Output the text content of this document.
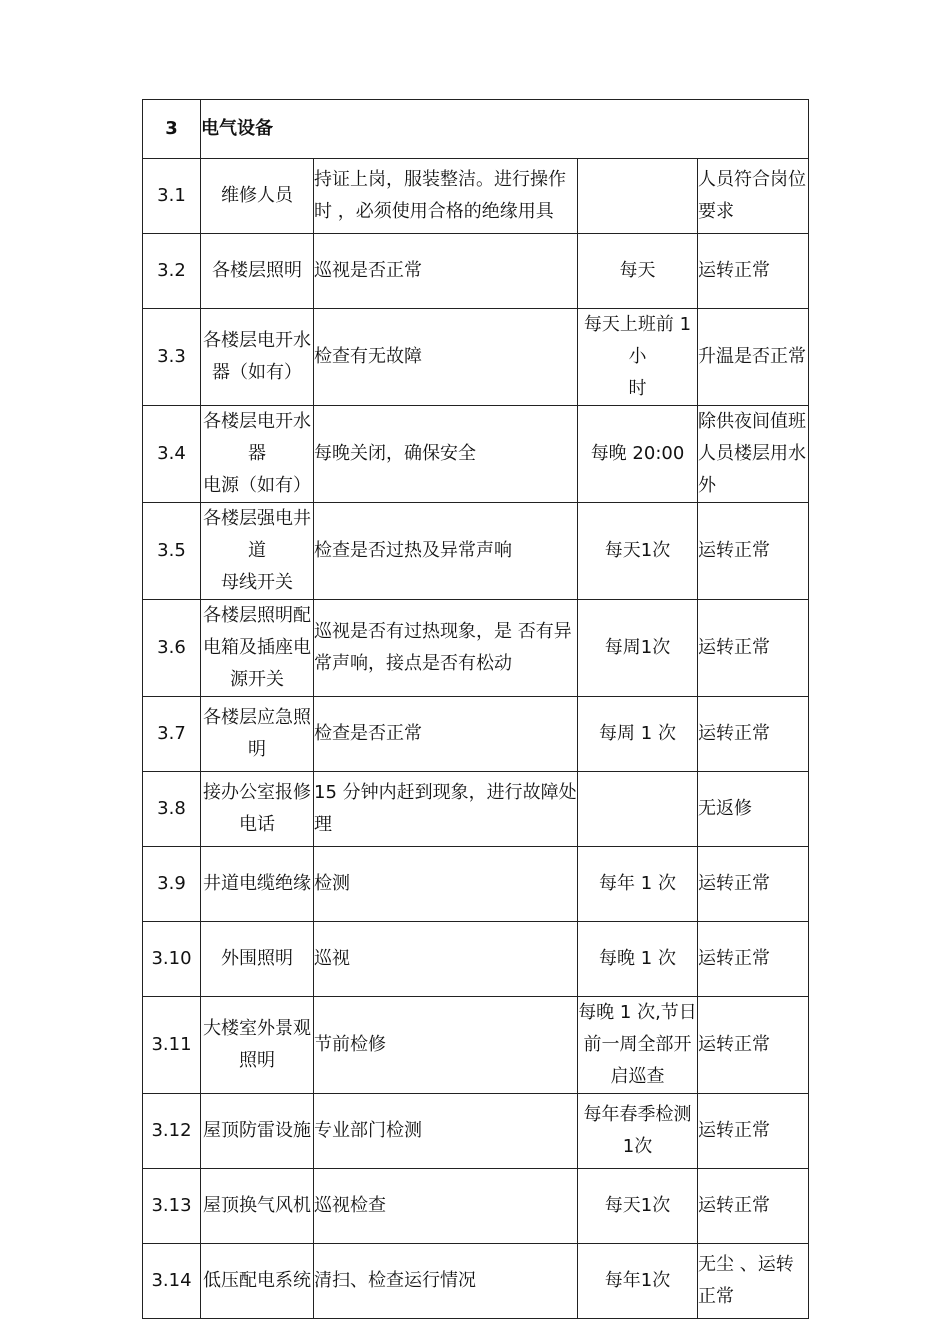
3	电气设备			

3.1	维修人员	持证上岗，服装整洁。进行操作时 ，必须使用合格的绝缘用具		人员符合岗位要求

3.2	各楼层照明	巡视是否正常	每天	运转正常

3.3	各楼层电开水器（如有）	检查有无故障	每天上班前 1小
时	升温是否正常

3.4	各楼层电开水器
电源（如有）	每晚关闭，确保安全	每晚 20:00	除供夜间值班人员楼层用水外

3.5	各楼层强电井道
母线开关	检查是否过热及异常声响	每天1次	运转正常

3.6	各楼层照明配电箱及插座电源开关	巡视是否有过热现象，是 否有异常声响，接点是否有松动	每周1次	运转正常

3.7	各楼层应急照明	检查是否正常	每周 1 次	运转正常

3.8	接办公室报修电话	15 分钟内赶到现象，进行故障处理		无返修

3.9	井道电缆绝缘	检测	每年 1 次	运转正常

3.10	外围照明	巡视	每晚 1 次	运转正常

3.11	大楼室外景观照明	节前检修	每晚 1 次,节日前一周全部开启巡查	运转正常

3.12	屋顶防雷设施	专业部门检测	每年春季检测1次	运转正常

3.13	屋顶换气风机	巡视检查	每天1次	运转正常

3.14	低压配电系统	清扫、检查运行情况	每年1次	无尘 、运转正常
